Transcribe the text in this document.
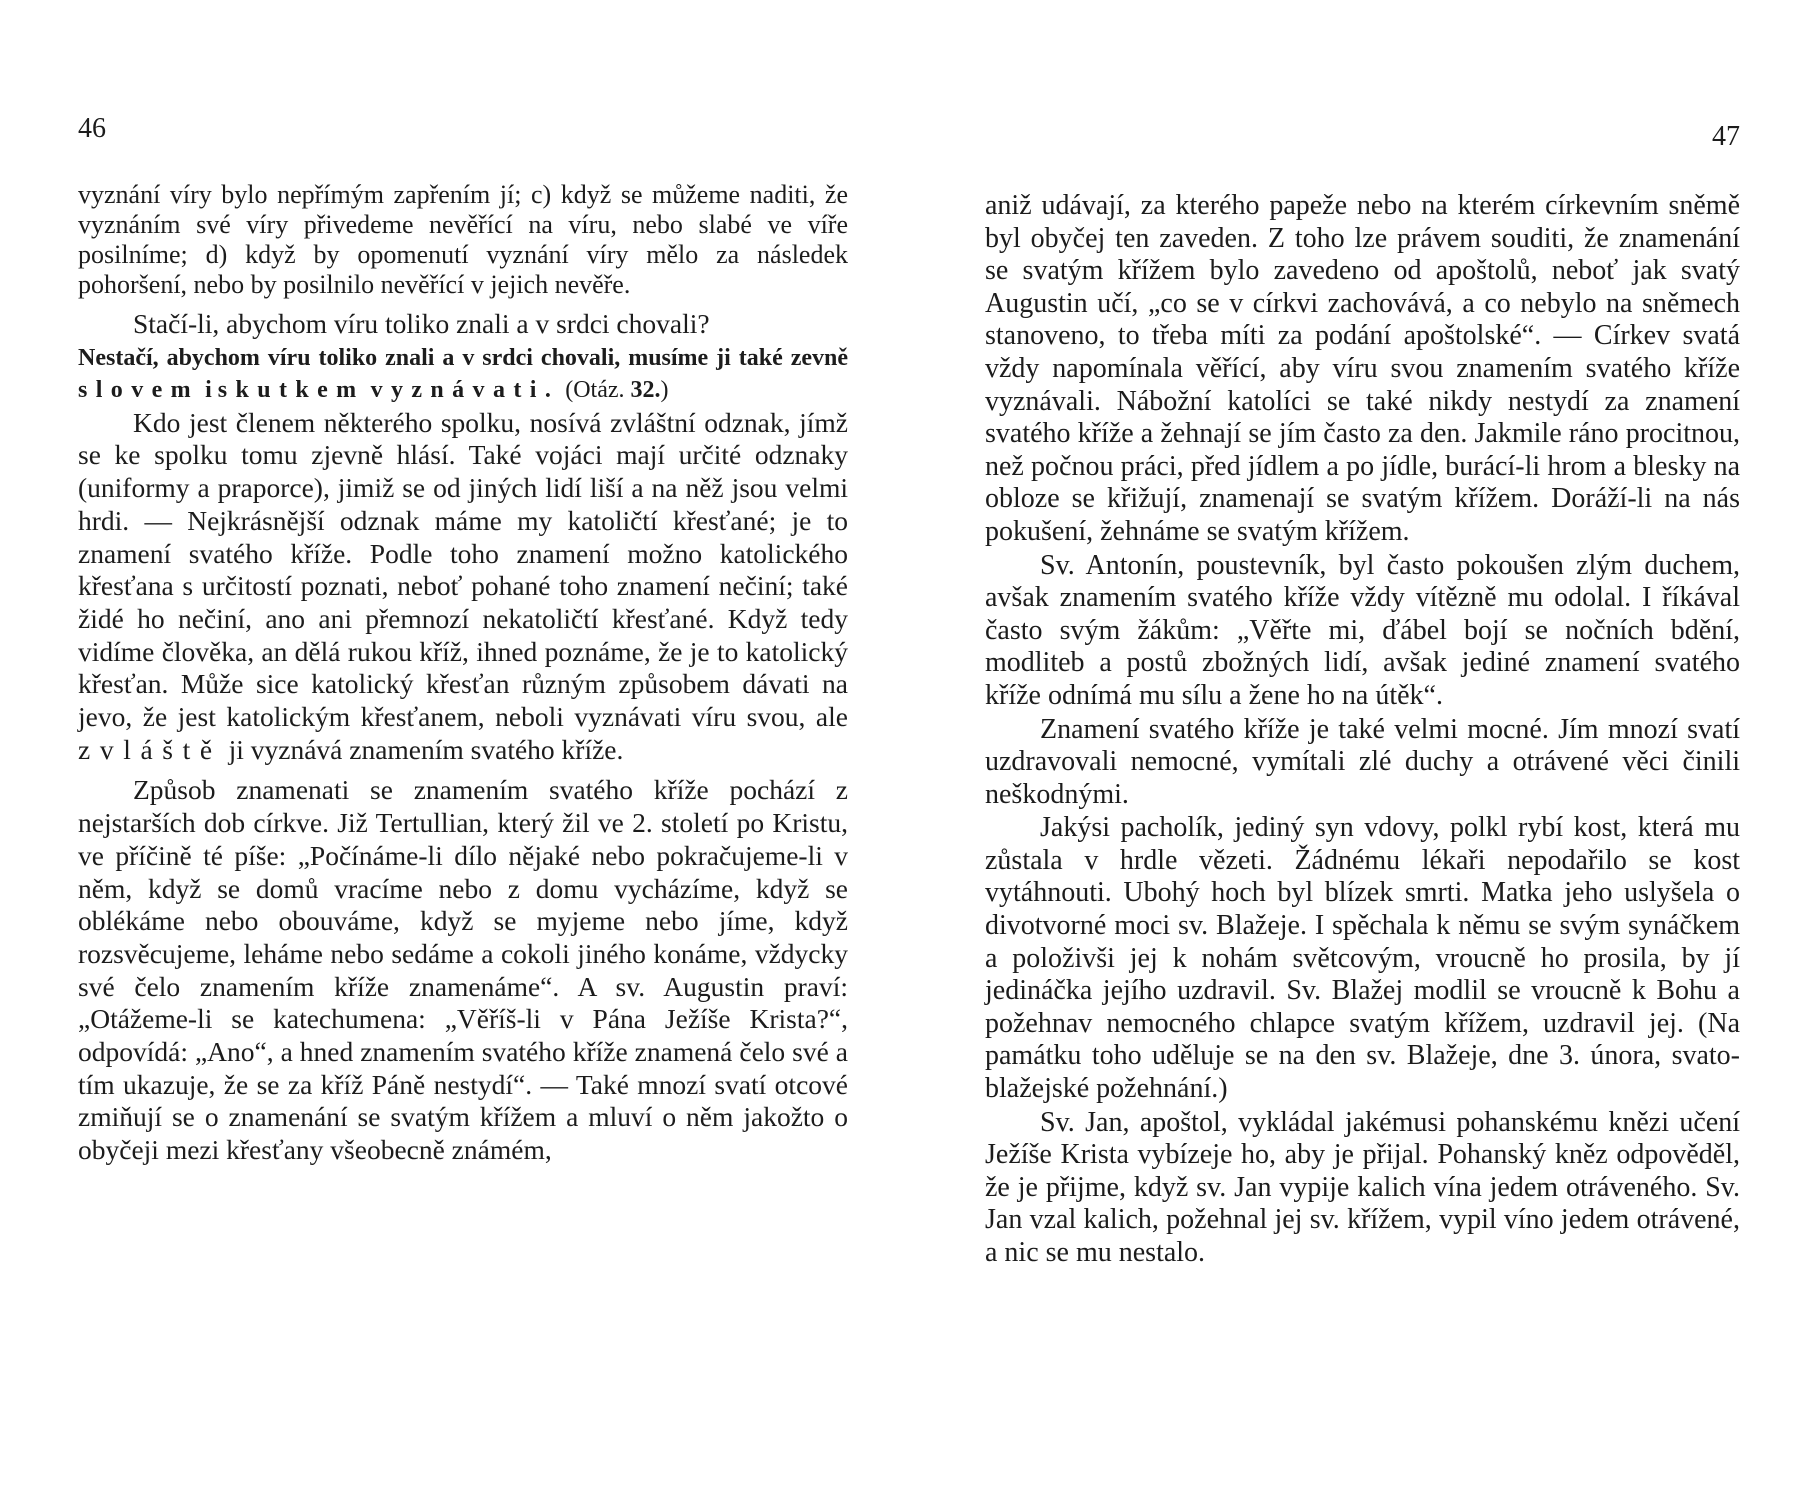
46

vyznání víry bylo nepřímým zapřením jí; c) když se můžeme naditi, že vyznáním své víry přivedeme nevěřící na víru, nebo slabé ve víře posilníme; d) když by opomenutí vyznání víry mělo za následek pohoršení, nebo by posilnilo nevěřící v jejich nevěře.

Stačí-li, abychom víru toliko znali a v srdci chovali?

Nestačí, abychom víru toliko znali a v srdci chovali, musíme ji také zevně slovem i skutkem vyznávati. (Otáz. 32.)

Kdo jest členem některého spolku, nosívá zvláštní odznak, jímž se ke spolku tomu zjevně hlásí. Také vojáci mají určité odznaky (uniformy a praporce), jimiž se od jiných lidí liší a na něž jsou velmi hrdi. — Nejkrásnější odznak máme my katoličtí křesťané; je to znamení svatého kříže. Podle toho znamení možno katolického křesťana s určitostí poznati, neboť pohané toho znamení nečiní; také židé ho nečiní, ano ani přemnozí nekatoličtí křesťané. Když tedy vidíme člověka, an dělá rukou kříž, ihned poznáme, že je to katolický křesťan. Může sice katolický křesťan různým způsobem dávati na jevo, že jest katolickým křesťanem, neboli vyznávati víru svou, ale zvláště ji vyznává znamením svatého kříže.

Způsob znamenati se znamením svatého kříže pochází z nejstarších dob církve. Již Tertullian, který žil ve 2. století po Kristu, ve příčině té píše: „Počínáme-li dílo nějaké nebo pokračujeme-li v něm, když se domů vracíme nebo z domu vycházíme, když se oblékáme nebo obouváme, když se myjeme nebo jíme, když rozsvěcujeme, leháme nebo sedáme a cokoli jiného konáme, vždycky své čelo znamením kříže znamenáme“. A sv. Augustin praví: „Otážeme-li se katechumena: „Věříš-li v Pána Ježíše Krista?“, odpovídá: „Ano“, a hned znamením svatého kříže znamená čelo své a tím ukazuje, že se za kříž Páně nestydí“. — Také mnozí svatí otcové zmiňují se o znamenání se svatým křížem a mluví o něm jakožto o obyčeji mezi křesťany všeobecně známém,

47

aniž udávají, za kterého papeže nebo na kterém církevním sněmě byl obyčej ten zaveden. Z toho lze právem souditi, že znamenání se svatým křížem bylo zavedeno od apoštolů, neboť jak svatý Augustin učí, „co se v církvi zachovává, a co nebylo na sněmech stanoveno, to třeba míti za podání apoštolské“. — Církev svatá vždy napomínala věřící, aby víru svou znamením svatého kříže vyznávali. Nábožní katolíci se také nikdy nestydí za znamení svatého kříže a žehnají se jím často za den. Jakmile ráno procitnou, než počnou práci, před jídlem a po jídle, burácí-li hrom a blesky na obloze se křižují, znamenají se svatým křížem. Doráží-li na nás pokušení, žehnáme se svatým křížem.

Sv. Antonín, poustevník, byl často pokoušen zlým duchem, avšak znamením svatého kříže vždy vítězně mu odolal. I říkával často svým žákům: „Věřte mi, ďábel bojí se nočních bdění, modliteb a postů zbožných lidí, avšak jediné znamení svatého kříže odnímá mu sílu a žene ho na útěk“.

Znamení svatého kříže je také velmi mocné. Jím mnozí svatí uzdravovali nemocné, vymítali zlé duchy a otrávené věci činili neškodnými.

Jakýsi pacholík, jediný syn vdovy, polkl rybí kost, která mu zůstala v hrdle vězeti. Žádnému lékaři nepodařilo se kost vytáhnouti. Ubohý hoch byl blízek smrti. Matka jeho uslyšela o divotvorné moci sv. Blažeje. I spěchala k němu se svým synáčkem a položivši jej k nohám světcovým, vroucně ho prosila, by jí jedináčka jejího uzdravil. Sv. Blažej modlil se vroucně k Bohu a požehnav nemocného chlapce svatým křížem, uzdravil jej. (Na památku toho uděluje se na den sv. Blažeje, dne 3. února, svato-blažejské požehnání.)

Sv. Jan, apoštol, vykládal jakémusi pohanskému knězi učení Ježíše Krista vybízeje ho, aby je přijal. Pohanský kněz odpověděl, že je přijme, když sv. Jan vypije kalich vína jedem otráveného. Sv. Jan vzal kalich, požehnal jej sv. křížem, vypil víno jedem otrávené, a nic se mu nestalo.
